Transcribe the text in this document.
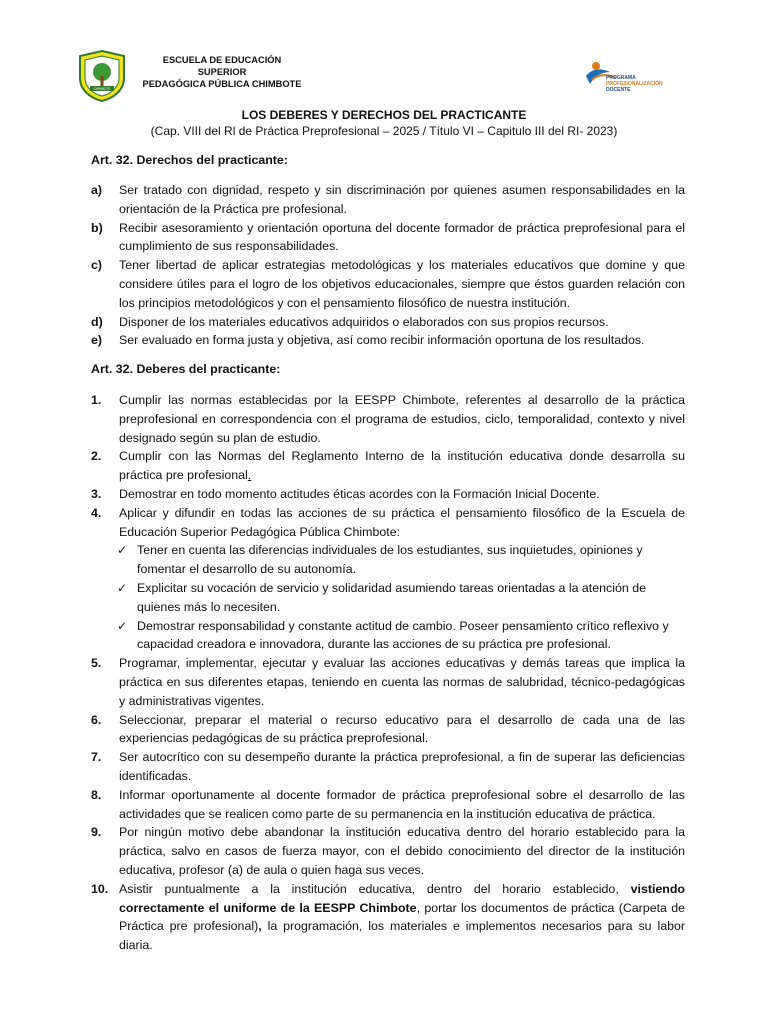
CHIMBOTE
ESCUELA DE EDUCACIÓN SUPERIOR
PEDAGÓGICA PÚBLICA CHIMBOTE
PROGRAMA
PROFESIONALIZACIÓN
DOCENTE
LOS DEBERES Y DERECHOS DEL PRACTICANTE
(Cap. VIII del Rl de Práctica Preprofesional – 2025 / Título VI – Capitulo III del RI- 2023)
Art. 32. Derechos del practicante:

a) Ser tratado con dignidad, respeto y sin discriminación por quienes asumen responsabilidades en la orientación de la Práctica pre profesional.

b) Recibir asesoramiento y orientación oportuna del docente formador de práctica preprofesional para el cumplimiento de sus responsabilidades.

c) Tener libertad de aplicar estrategias metodológicas y los materiales educativos que domine y que considere útiles para el logro de los objetivos educacionales, siempre que éstos guarden relación con los principios metodológicos y con el pensamiento filosófico de nuestra institución.

d) Disponer de los materiales educativos adquiridos o elaborados con sus propios recursos.

e) Ser evaluado en forma justa y objetiva, así como recibir información oportuna de los resultados.

Art. 32. Deberes del practicante:

1. Cumplir las normas establecidas por la EESPP Chimbote, referentes al desarrollo de la práctica preprofesional en correspondencia con el programa de estudios, ciclo, temporalidad, contexto y nivel designado según su plan de estudio.

2. Cumplir con las Normas del Reglamento Interno de la institución educativa donde desarrolla su práctica pre profesional.

3. Demostrar en todo momento actitudes éticas acordes con la Formación Inicial Docente.

4. Aplicar y difundir en todas las acciones de su práctica el pensamiento filosófico de la Escuela de Educación Superior Pedagógica Pública Chimbote:

✓ Tener en cuenta las diferencias individuales de los estudiantes, sus inquietudes, opiniones y fomentar el desarrollo de su autonomía.

✓ Explicitar su vocación de servicio y solidaridad asumiendo tareas orientadas a la atención de quienes más lo necesiten.

✓ Demostrar responsabilidad y constante actitud de cambio. Poseer pensamiento crítico reflexivo y capacidad creadora e innovadora, durante las acciones de su práctica pre profesional.

5. Programar, implementar, ejecutar y evaluar las acciones educativas y demás tareas que implica la práctica en sus diferentes etapas, teniendo en cuenta las normas de salubridad, técnico-pedagógicas y administrativas vigentes.

6. Seleccionar, preparar el material o recurso educativo para el desarrollo de cada una de las experiencias pedagógicas de su práctica preprofesional.

7. Ser autocrítico con su desempeño durante la práctica preprofesional, a fin de superar las deficiencias identificadas.

8. Informar oportunamente al docente formador de práctica preprofesional sobre el desarrollo de las actividades que se realicen como parte de su permanencia en la institución educativa de práctica.

9. Por ningún motivo debe abandonar la institución educativa dentro del horario establecido para la práctica, salvo en casos de fuerza mayor, con el debido conocimiento del director de la institución educativa, profesor (a) de aula o quien haga sus veces.

10. Asistir puntualmente a la institución educativa, dentro del horario establecido, vistiendo correctamente el uniforme de la EESPP Chimbote, portar los documentos de práctica (Carpeta de Práctica pre profesional), la programación, los materiales e implementos necesarios para su labor diaria.
